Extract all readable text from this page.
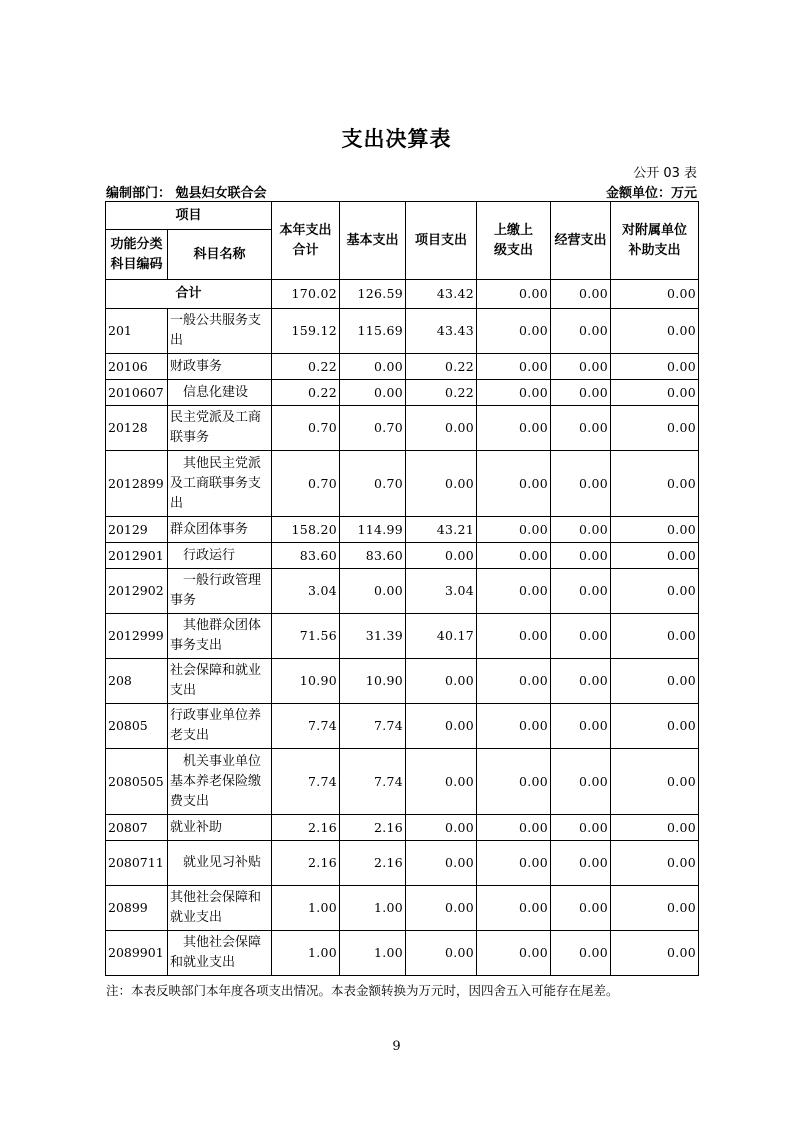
支出决算表
公开 03 表
编制部门： 勉县妇女联合会	金额单位：万元
项目		本年支出合计	基本支出	项目支出	上缴上级支出	经营支出	对附属单位补助支出

功能分类科目编码	科目名称						
合计		170.02	126.59	43.42	0.00	0.00	0.00
201	一般公共服务支出	159.12	115.69	43.43	0.00	0.00	0.00
20106	财政事务	0.22	0.00	0.22	0.00	0.00	0.00
2010607	信息化建设	0.22	0.00	0.22	0.00	0.00	0.00
20128	民主党派及工商联事务	0.70	0.70	0.00	0.00	0.00	0.00
2012899	其他民主党派及工商联事务支出	0.70	0.70	0.00	0.00	0.00	0.00
20129	群众团体事务	158.20	114.99	43.21	0.00	0.00	0.00
2012901	行政运行	83.60	83.60	0.00	0.00	0.00	0.00
2012902	一般行政管理事务	3.04	0.00	3.04	0.00	0.00	0.00
2012999	其他群众团体事务支出	71.56	31.39	40.17	0.00	0.00	0.00
208	社会保障和就业支出	10.90	10.90	0.00	0.00	0.00	0.00
20805	行政事业单位养老支出	7.74	7.74	0.00	0.00	0.00	0.00
2080505	机关事业单位基本养老保险缴费支出	7.74	7.74	0.00	0.00	0.00	0.00
20807	就业补助	2.16	2.16	0.00	0.00	0.00	0.00
2080711	就业见习补贴	2.16	2.16	0.00	0.00	0.00	0.00
20899	其他社会保障和就业支出	1.00	1.00	0.00	0.00	0.00	0.00
2089901	其他社会保障和就业支出	1.00	1.00	0.00	0.00	0.00	0.00
注：本表反映部门本年度各项支出情况。本表金额转换为万元时，因四舍五入可能存在尾差。
9
